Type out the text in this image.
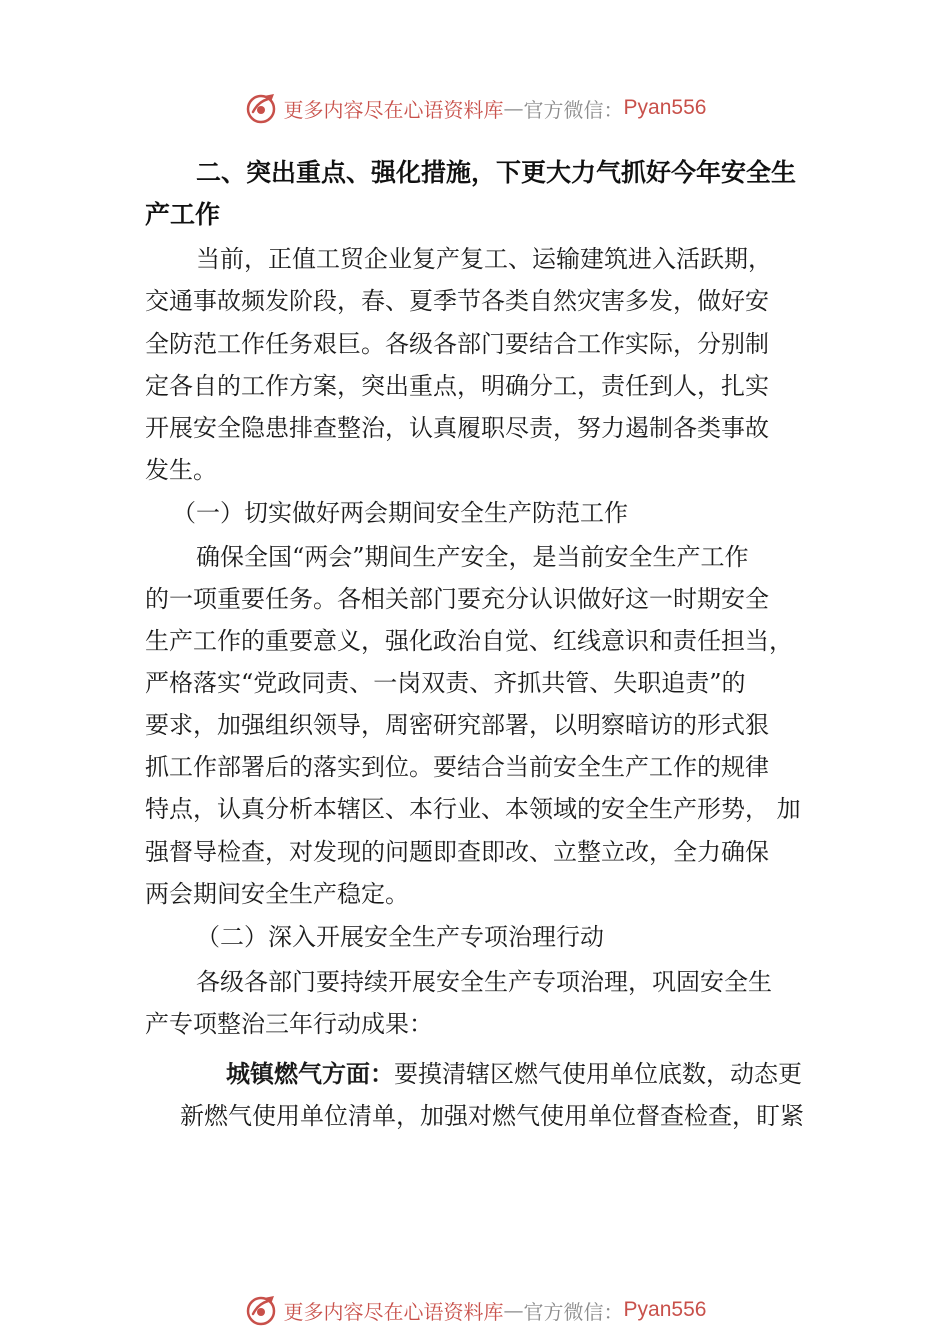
更多内容尽在心语资料库 — 官方微信： Pyan556
二、突出重点、强化措施，下更大力气抓好今年安全生
产工作
当前，正值工贸企业复产复工、运输建筑进入活跃期，
交通事故频发阶段，春、夏季节各类自然灾害多发，做好安
全防范工作任务艰巨。各级各部门要结合工作实际，分别制
定各自的工作方案，突出重点，明确分工，责任到人，扎实
开展安全隐患排查整治，认真履职尽责，努力遏制各类事故
发生。
（一）切实做好两会期间安全生产防范工作
确保全国“两会”期间生产安全，是当前安全生产工作
的一项重要任务。各相关部门要充分认识做好这一时期安全
生产工作的重要意义，强化政治自觉、红线意识和责任担当，
严格落实“党政同责、一岗双责、齐抓共管、失职追责”的
要求，加强组织领导，周密研究部署，以明察暗访的形式狠
抓工作部署后的落实到位。要结合当前安全生产工作的规律
特点，认真分析本辖区、本行业、本领域的安全生产形势， 加
强督导检查，对发现的问题即查即改、立整立改，全力确保
两会期间安全生产稳定。
（二）深入开展安全生产专项治理行动
各级各部门要持续开展安全生产专项治理，巩固安全生
产专项整治三年行动成果：
城镇燃气方面：要摸清辖区燃气使用单位底数，动态更
新燃气使用单位清单，加强对燃气使用单位督查检查，盯紧
更多内容尽在心语资料库 — 官方微信： Pyan556
